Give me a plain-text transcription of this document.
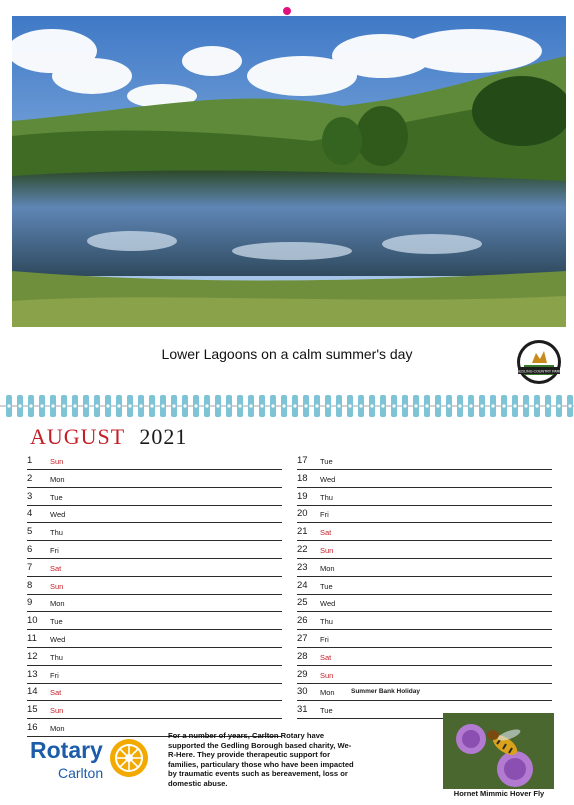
Lower Lagoons on a calm summer's day
GEDLING COUNTRY PARK
AUGUST 2021
1 Sun
2 Mon
3 Tue
4 Wed
5 Thu
6 Fri
7 Sat
8 Sun
9 Mon
10 Tue
11 Wed
12 Thu
13 Fri
14 Sat
15 Sun
16 Mon
17 Tue
18 Wed
19 Thu
20 Fri
21 Sat
22 Sun
23 Mon
24 Tue
25 Wed
26 Thu
27 Fri
28 Sat
29 Sun
30 Mon	Summer Bank Holiday
31 Tue
Rotary
Carlton
For a number of years, Carlton Rotary have supported the Gedling Borough based charity, We-R-Here. They provide therapeutic support for families, particulary those who have been impacted by traumatic events such as bereavement, loss or domestic abuse.
Hornet Mimmic Hover Fly
